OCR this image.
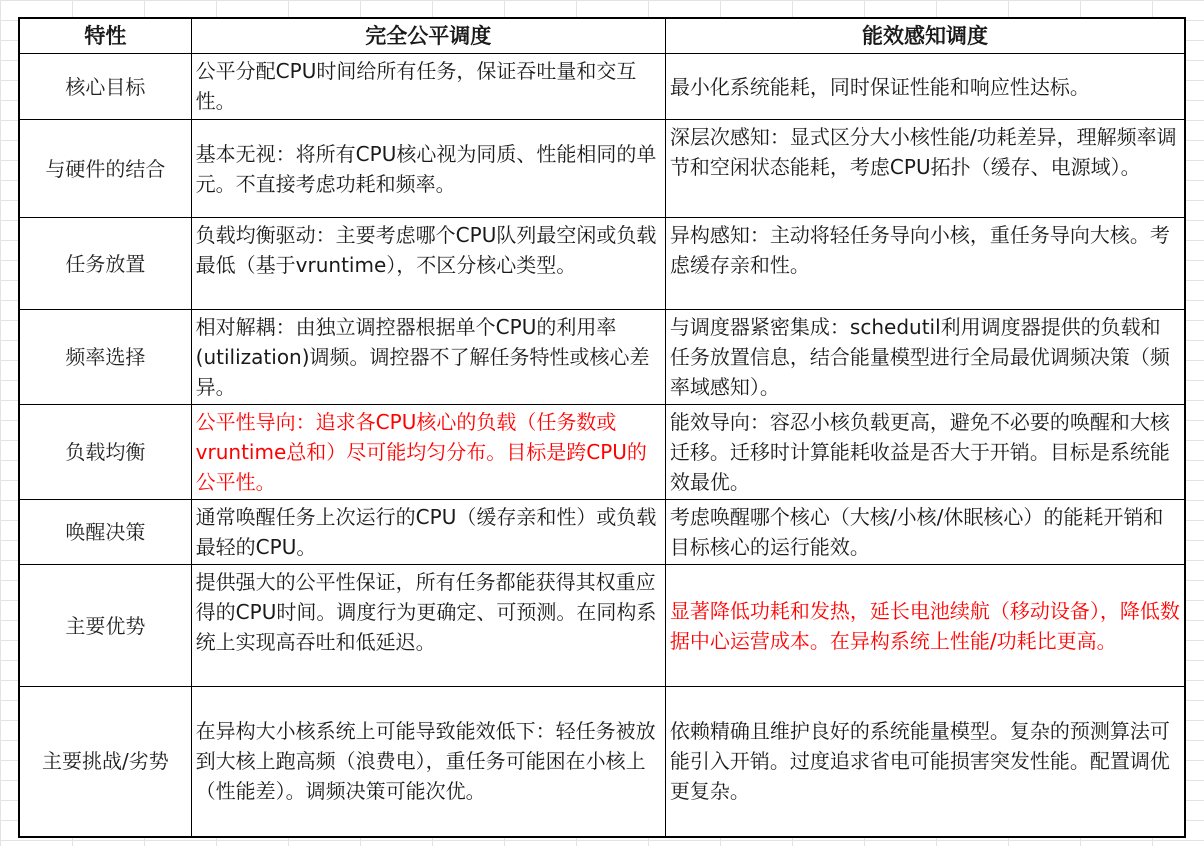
特性	完全公平调度	能效感知调度
核心目标	公平分配CPU时间给所有任务，保证吞吐量和交互性。	最小化系统能耗，同时保证性能和响应性达标。
与硬件的结合	基本无视：将所有CPU核心视为同质、性能相同的单元。不直接考虑功耗和频率。	深层次感知：显式区分大小核性能/功耗差异，理解频率调节和空闲状态能耗，考虑CPU拓扑（缓存、电源域）。
任务放置	负载均衡驱动：主要考虑哪个CPU队列最空闲或负载最低（基于vruntime），不区分核心类型。	异构感知：主动将轻任务导向小核，重任务导向大核。考虑缓存亲和性。
频率选择	相对解耦：由独立调控器根据单个CPU的利用率(utilization)调频。调控器不了解任务特性或核心差异。	与调度器紧密集成：schedutil利用调度器提供的负载和任务放置信息，结合能量模型进行全局最优调频决策（频率域感知）。
负载均衡	公平性导向：追求各CPU核心的负载（任务数或vruntime总和）尽可能均匀分布。目标是跨CPU的公平性。	能效导向：容忍小核负载更高，避免不必要的唤醒和大核迁移。迁移时计算能耗收益是否大于开销。目标是系统能效最优。
唤醒决策	通常唤醒任务上次运行的CPU（缓存亲和性）或负载最轻的CPU。	考虑唤醒哪个核心（大核/小核/休眠核心）的能耗开销和目标核心的运行能效。
主要优势	提供强大的公平性保证，所有任务都能获得其权重应得的CPU时间。调度行为更确定、可预测。在同构系统上实现高吞吐和低延迟。	显著降低功耗和发热，延长电池续航（移动设备），降低数据中心运营成本。在异构系统上性能/功耗比更高。
主要挑战/劣势	在异构大小核系统上可能导致能效低下：轻任务被放到大核上跑高频（浪费电），重任务可能困在小核上（性能差）。调频决策可能次优。	依赖精确且维护良好的系统能量模型。复杂的预测算法可能引入开销。过度追求省电可能损害突发性能。配置调优更复杂。
